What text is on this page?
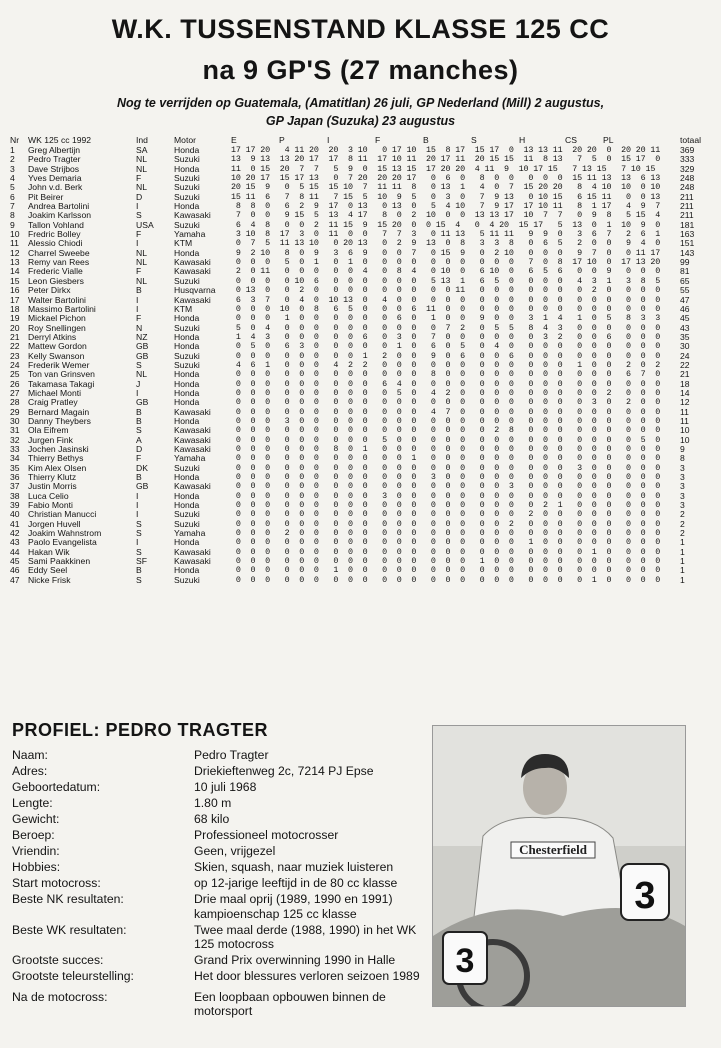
W.K. TUSSENSTAND KLASSE 125 CC
na 9 GP'S (27 manches)
Nog te verrijden op Guatemala, (Amatitlan) 26 juli, GP Nederland (Mill) 2 augustus,
GP Japan (Suzuka) 23 augustus
Nr	WK 125 cc 1992	Ind	Motor	E P I F B S H CS PL	totaal
1	Greg Albertijn	SA	Honda	17 17 20   4 11 20  20  3 10   0 17 10  15  8 17  15 17  0  13 13 11  20 20  0  20 20 11	369
2	Pedro Tragter	NL	Suzuki	13  9 13  13 20 17  17  8 11  17 10 11  20 17 11  20 15 15  11  8 13   7  5  0  15 17  0	333
3	Dave Strijbos	NL	Honda	11  0 15  20  7  7   5  9  0  15 13 15  17 20 20  4 11  9  10 17 15   7 13 15   7 10 15	329
4	Yves Demaria	F	Suzuki	10 20 17  15 17 13   0  7 20  20 20 17   0  6  0   8  0  0   0  0  0  15 11 13  13  6 13	248
5	John v.d. Berk	NL	Suzuki	20 15  9   0  5 15  15 10  7  11 11  8   0 13  1   4  0  7  15 20 20   8  4 10  10  0 10	248
6	Pit Beirer	D	Suzuki	15 11  6   7  8 11   7 15  5  10  9  5   0  3  0   7  9 13   0 10 15   6 15 11   0  0 13	211
7	Andrea Bartolini	I	Honda	8  8  0   6  2  9  17  0 13   0 13  0   5  4 10   7  9 17  17 10 11   8  1 17   4  9  7	211
8	Joakim Karlsson	S	Kawasaki	7  0  0   9 15  5  13  4 17   8  0  2  10  0  0  13 13 17  10  7  7   0  9  8   5 15  4	211
9	Tallon Vohland	USA	Suzuki	6  4  8   0  0  2  11 15  9  15 20  0  0 15  4   0  4 20  15 17   5  13  0  1  10  9  0	181
10	Fredric Bolley	F	Yamaha	3 10  8  17  3  0  11  0  0   7  7  3   0 11 13   5 11 11   9  9  0   3  6  7   2  6  1	163
11	Alessio Chiodi	I	KTM	0  7  5  11 13 10   0 20 13   0  2  9  13  0  8   3  3  8   0  6  5   2  0  0   9  4  0	151
12	Charrel Sweebe	NL	Honda	9  2 10   8  0  9   3  6  9   0  0  7   0 15  9   0  2 10   0  0  0   9  7  0   0 11 17	143
13	Remy van Rees	NL	Kawasaki	0  0  0   5  0  1   0  1  0   0  0  0   0  0  0   0  0  0   7  0  8  17 10  0  17 13 20	99
14	Frederic Vialle	F	Kawasaki	2  0 11   0  0  0   0  0  4   0  8  4   0 10  0   6 10  0   6  5  6   0  0  9   0  0  0	81
15	Leon Giesbers	NL	Suzuki	0  0  0   0 10  6   0  0  0   0  0  0   5 13  1   6  5  0   0  0  0   4  3  1   3  8  5	65
16	Peter Dirkx	B	Husqvarna	0 13  0   0  2  0   0  0  0   0  0  0   0  0 11   0  0  0   0  0  0   0  2  0   0  0  0	55
17	Walter Bartolini	I	Kawasaki	6  3  7   0  4  0  10 13  0   4  0  0   0  0  0   0  0  0   0  0  0   0  0  0   0  0  0	47
18	Massimo Bartolini	I	KTM	0  0  0  10  0  8   6  5  0   0  0  6  11  0  0   0  0  0   0  0  0   0  0  0   0  0  0	46
19	Mickael Pichon	F	Honda	0  0  0   1  0  0   0  0  0   0  6  0   1  0  0   9  0  0   3  1  4   1  0  5   8  3  3	45
20	Roy Snellingen	N	Suzuki	5  0  4   0  0  0   0  0  0   0  0  0   0  7  2   0  5  5   8  4  3   0  0  0   0  0  0	43
21	Derryl Atkins	NZ	Honda	1  4  3   0  0  0   0  0  6   0  3  0   7  0  0   0  0  0   0  3  2   0  0  6   0  0  0	35
22	Mattew Gordon	GB	Honda	0  5  0   6  3  0   0  0  0   0  1  0   6  0  5   0  4  0   0  0  0   0  0  0   0  0  0	30
23	Kelly Swanson	GB	Suzuki	0  0  0   0  0  0   0  0  1   2  0  0   9  0  6   0  0  6   0  0  0   0  0  0   0  0  0	24
24	Frederik Wemer	S	Suzuki	4  6  1   0  0  0   4  2  2   0  0  0   0  0  0   0  0  0   0  0  0   1  0  0   2  0  2	22
25	Ton van Grinsven	NL	Honda	0  0  0   0  0  0   0  0  0   0  0  0   8  0  0   0  0  0   0  0  0   0  0  0   6  7  0	21
26	Takamasa Takagi	J	Honda	0  0  0   0  0  0   0  0  0   6  4  0   0  0  0   0  0  0   0  0  0   0  0  0   0  0  0	18
27	Michael Monti	I	Honda	0  0  0   0  0  0   0  0  0   0  5  0   4  2  0   0  0  0   0  0  0   0  0  2   0  0  0	14
28	Craig Pratley	GB	Honda	0  0  0   0  0  0   0  0  0   0  0  0   0  0  0   0  0  0   0  0  0   0  3  0   2  0  0	12
29	Bernard Magain	B	Kawasaki	0  0  0   0  0  0   0  0  0   0  0  0   4  7  0   0  0  0   0  0  0   0  0  0   0  0  0	11
30	Danny Theybers	B	Honda	0  0  0   3  0  0   0  0  0   0  0  0   0  0  0   0  0  0   0  0  0   0  0  0   0  0  0	11
31	Ola Eifrem	S	Kawasaki	0  0  0   0  0  0   0  0  0   0  0  0   0  0  0   0  2  8   0  0  0   0  0  0   0  0  0	10
32	Jurgen Fink	A	Kawasaki	0  0  0   0  0  0   0  0  0   5  0  0   0  0  0   0  0  0   0  0  0   0  0  0   0  5  0	10
33	Jochen Jasinski	D	Kawasaki	0  0  0   0  0  0   8  0  1   0  0  0   0  0  0   0  0  0   0  0  0   0  0  0   0  0  0	9
34	Thierry Bethys	F	Yamaha	0  0  0   0  0  0   0  0  0   0  0  1   0  0  0   0  0  0   0  0  0   0  0  0   0  0  0	8
35	Kim Alex Olsen	DK	Suzuki	0  0  0   0  0  0   0  0  0   0  0  0   0  0  0   0  0  0   0  0  0   3  0  0   0  0  0	3
36	Thierry Klutz	B	Honda	0  0  0   0  0  0   0  0  0   0  0  0   3  0  0   0  0  0   0  0  0   0  0  0   0  0  0	3
37	Justin Morris	GB	Kawasaki	0  0  0   0  0  0   0  0  0   0  0  0   0  0  0   0  0  3   0  0  0   0  0  0   0  0  0	3
38	Luca Celio	I	Honda	0  0  0   0  0  0   0  0  0   3  0  0   0  0  0   0  0  0   0  0  0   0  0  0   0  0  0	3
39	Fabio Monti	I	Honda	0  0  0   0  0  0   0  0  0   0  0  0   0  0  0   0  0  0   0  2  1   0  0  0   0  0  0	3
40	Christian Manucci	I	Suzuki	0  0  0   0  0  0   0  0  0   0  0  0   0  0  0   0  0  0   2  0  0   0  0  0   0  0  0	2
41	Jorgen Huvell	S	Suzuki	0  0  0   0  0  0   0  0  0   0  0  0   0  0  0   0  0  2   0  0  0   0  0  0   0  0  0	2
42	Joakim Wahnstrom	S	Yamaha	0  0  0   2  0  0   0  0  0   0  0  0   0  0  0   0  0  0   0  0  0   0  0  0   0  0  0	2
43	Paolo Evangelista	I	Honda	0  0  0   0  0  0   0  0  0   0  0  0   0  0  0   0  0  0   1  0  0   0  0  0   0  0  0	1
44	Hakan Wik	S	Kawasaki	0  0  0   0  0  0   0  0  0   0  0  0   0  0  0   0  0  0   0  0  0   0  1  0   0  0  0	1
45	Sami Paakkinen	SF	Kawasaki	0  0  0   0  0  0   0  0  0   0  0  0   0  0  0   1  0  0   0  0  0   0  0  0   0  0  0	1
46	Eddy Seel	B	Honda	0  0  0   0  0  0   1  0  0   0  0  0   0  0  0   0  0  0   0  0  0   0  0  0   0  0  0	1
47	Nicke Frisk	S	Suzuki	0  0  0   0  0  0   0  0  0   0  0  0   0  0  0   0  0  0   0  0  0   0  1  0   0  0  0	1
PROFIEL: PEDRO TRAGTER
Naam:	Pedro Tragter
Adres:	Driekieftenweg 2c, 7214 PJ Epse
Geboortedatum:	10 juli 1968
Lengte:	1.80 m
Gewicht:	68 kilo
Beroep:	Professioneel motocrosser
Vriendin:	Geen, vrijgezel
Hobbies:	Skien, squash, naar muziek luisteren
Start motocross:	op 12-jarige leeftijd in de 80 cc klasse
Beste NK resultaten:	Drie maal oprij (1989, 1990 en 1991) kampioenschap 125 cc klasse
Beste WK resultaten:	Twee maal derde (1988, 1990) in het WK 125 motocross
Grootste succes:	Grand Prix overwinning 1990 in Halle
Grootste teleurstelling:	Het door blessures verloren seizoen 1989
Na de motocross:	Een loopbaan opbouwen binnen de motorsport
Chesterfield
3
3
